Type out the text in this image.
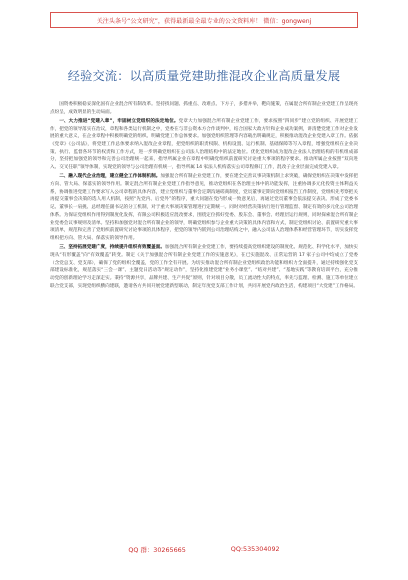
关注头条号“公文研究”，获得最新最全最专业的公文资料库！ 微信：gongwenj
经验交流：以高质量党建助推混改企业高质量发展

国资委积极稳妥深化国有企业混合所有制改革。坚持找问题、抓重点、改难点、下方子，多措并举，靶向施策，在属混合所有制企业党建工作呈现亮点纷呈，成效明显的生动局面。

一、大力推进“党建入章”，牢固树立党组织的法定地位。党章大力加强混合所有制企业党建工作，要求按照“四同步”建立党的组织、开展党建工作，把党的领导落实在治议，章程和各类运行机制之中，党委在与非公资本方合作谈判中，结合国家大政方针和企业成功案例，讲清楚党建工作对企业发展的重大意义，在企业章程中积极明确党的组织、明确党建工作总体要求。加强党组织管理等内容载出明确规定，积极推动混改企业党建入章工作。依据《党章》《公司法》，将党建工作总体要求纳入混改企业章程，把党组织的职责权限、机构设置、运行机制、基础保障等写入章程，增强党组织在企业决策、执行、监督各环节的权责和工作方式，进一步明确党组织在公司法人治理结构中的法定地位。优化党组织成为混改企业法人治理结构的有机组成部分，坚持把加强党的领导和完善公司治理统一起来，指导所属企业在章程中明确党组织前置研究讨论重大事项的程序要求。推动所属企业按照“双向进入、交叉任职”领导体制，实现党的领导与公司治理有机统一，指导所属 14 家法人机构落实公司章程修订工作，混改子企业层面完成党建入章。

二、融入现代企业治理，建立健全工作体制机制。加强混合所有制企业党建工作，要在建全完善议事决策机制上求突破，确保党组织在决策中发挥把方向、管大局、保落实的领导作用。制定混合所有制企业党建工作指导意见，推动党组织在各治理主体中的功能发挥，注重协调多元化投资主体利益关系，协调推进党建工作要求写入公司章程的具体内容，建立党组织与董事会定期沟通磋商制度，党员董事定期向党组织报告工作制度，党组织先考察把关再提交董事会决策的选人用人机制，按照“先党内、后党外”的程序，重大问题在党内形成一致意见后，再通过党员董事会依法提交表决。形成了党委书记、董事长一肩挑、总经理任副书记的分工机制，对于重大事项决策管理进行定期统一。同时对经营决策执行进行管理监督、制定有效的多元化公司治理体系。为保证党组织作用得到制度化发挥，有限公司积极适应混改要求，围绕定位抓好党委、股东会、董事会、经理层运行规则，同时探索混合所有制企业党委会议事规则及清单。坚持和加强党对混合所有制企业的领导，明确党组织参与企业重大决策的具体内容和方式，制定党组织讨论、前置研究重大事项清单，规范和完善了党组织前置研究讨论事项的具体程序，把党的领导内嵌到公司治理结构之中，融入公司法人治理体系和经营管理环节，切实发挥党组织把方向、管大局、保落实的领导作用。

三、坚持拓展党建广度，持续提升组织有效覆盖面。加强混合所有制企业党建工作，要持续提高党组织建设的制度化、规范化、科学化水平，加快实现从“有形覆盖”向“有效覆盖”转变。制定《关于加强混合所有制企业党建工作的实施意见》，在已实施混改、正常运营的 17 家子公司中均成立了党委（含党总支、党支部），确保了党的组织全覆盖，党的工作全有开展。为切实推动混合所有制企业党组织政治功能和组织力全面提升，通过持续强化党支部建设标准化，规范落实“三会一课”、主题党日活动等“规定动作”，坚持化推建党建“业务小课堂”、“结对共建”、“基地实践”等教育培训平台，充分推动党的创新理论学习走深走实。秉持“资源共享，品牌共建、生产共促”原则，针对项目分散，员工流动性大的特点，率先与监理、检测、施工等单位建立联合党支部，实现党组织横向建联，邀请各方共同开展党建新型联动，制定年度党支部工作计划，共同开展党内政治生活，构建项目“大党建”工作格局。

QQ 群：30265665	QQ:535304092
